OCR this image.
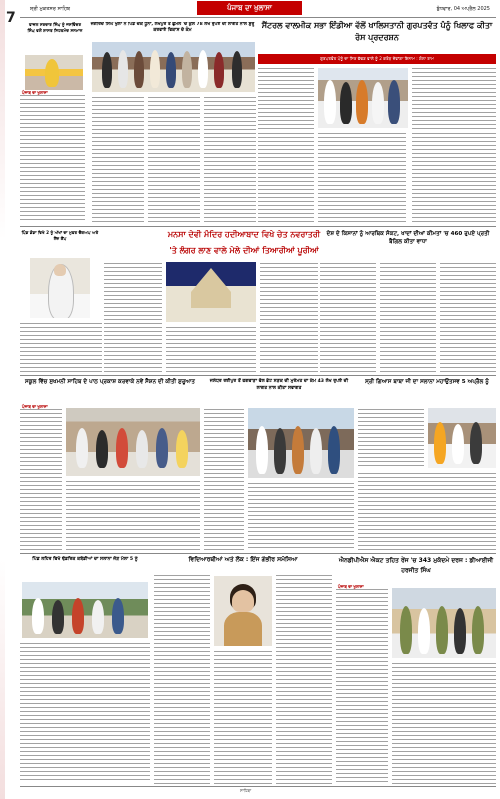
ਸ਼੍ਰੀ ਮੁਕਤਸਰ ਸਾਹਿਬ	ਪੰਜਾਬ ਦਾ ਖੁਲਾਸਾ	ਬੁੱਧਵਾਰ, 04 ਅਪ੍ਰੈਲ 2025
7	ਫਾਜ਼ਲ ਸਰਦਾਰ ਸਿੰਘ ਨੂੰ ਜਸਵਿੰਦਰ ਸਿੰਘ ਵਲੋਂ ਸ਼ਾਸਤ ਸਿਹਤਮੰਦ ਸਨਮਾਨ
ਜੰਗੀਰਦ ਸਿੰਘ ਖੁਲਾ ਨੇ ਪਿੰਡ ਚੱਕ ਧੂੰਨਾ, ਲੱਖਪੁਰ ਤੇ ਛੁੰਮੇਲੋਂ 'ਚ ਕੁੱਲ 78 ਲੱਖ ਰੁਪਏ ਦੀ ਲਾਗਤ ਨਾਲ ਸ਼ੁਰੂ ਕਰਵਾਏ ਵਿਕਾਸ ਦੇ ਕੰਮ
ਸੈਂਟਰਲ ਵਾਲਮੀਕ ਸਭਾ ਇੰਡੀਆ ਵੱਲੋਂ ਖਾਲਿਸਤਾਨੀ ਗੁਰਪਤਵੰਤ ਪੰਨੂੰ ਖਿਲਾਫ ਕੀਤਾ ਰੋਸ ਪ੍ਰਦਰਸ਼ਨ
ਗੁਰਪਤਵੰਤ ਪੰਨੂੰ ਦਾ ਸਿਰ ਵੱਢਣ ਵਾਲੇ ਨੂੰ 2 ਕਰੋੜ ਦੇਵਾਂਗਾ ਇਨਾਮ : ਗੋਲਾ ਰਾਮ
ਪਿੰਡ ਡੋਡਾ ਵਿਖੇ 2 ਨੂੰ ਅੱਖਾਂ ਦਾ ਮੁਫ਼ਤ ਚੈੱਕਅਪ ਅਤੇ ਲੈਂਜ਼ ਕੈਂਪ	ਮਨਸਾ ਦੇਵੀ ਮੰਦਿਰ ਹਦੀਆਬਾਦ ਵਿਖੇ ਚੇਤ ਨਵਰਾਤਰੀ
'ਤੇ ਲੰਗਰ ਲਾਣ ਵਾਲੇ ਮੇਲੇ ਦੀਆਂ ਤਿਆਰੀਆਂ ਪੂਰੀਆਂ
ਦੇਸ਼ ਦੇ ਕਿਸਾਨਾਂ ਨੂੰ ਆਰਥਿਕ ਸੰਕਟ, ਖਾਦਾਂ ਦੀਆਂ ਕੀਮਤਾਂ 'ਚ 460 ਰੁਪਏ ਪ੍ਰਤੀ ਬੈਗਿਲ ਕੀਤਾ ਵਾਧਾ
ਸਕੂਲ ਵਿੱਚ ਸੁਖਮਨੀ ਸਾਹਿਬ ਦੇ ਪਾਠ ਪ੍ਰਕਾਸ਼ ਕਰਵਾਕੇ ਨਵੇਂ ਸੈਸ਼ਨ ਦੀ ਕੀਤੀ ਸ਼ੁਰੂਆਤ	ਜਲੰਧਰ ਰਈਪੁਰ ਤੋਂ ਫਗਵਾੜਾ ਵੱਲ ਭੱਟ ਸੜਕ ਦੀ ਮੁਰੰਮਤ ਦਾ ਕੰਮ 43 ਲੱਖ ਰੁਪਏ ਦੀ ਲਾਗਤ ਨਾਲ ਕੀਤਾ ਸਵਾਗਤ
ਸ੍ਰੀ ਗਿਆਸ ਬਾਬਾ ਜੀ ਦਾ ਸਲਾਨਾ ਮਹਾਉਤਸਵ 5 ਅਪ੍ਰੈਲ ਨੂੰ
ਪਿੰਡ ਲਹਿਰ ਵਿਖੇ ਢੱਡਰਿਕ ਕਬੱਡੀਆਂ ਦਾ ਸਲਾਨਾ ਜੋੜ ਮੇਲਾ 5 ਨੂੰ	ਵਿਦਿਆਰਥੀਆਂ ਅਤੇ ਲੋਕ : ਇੰਜ ਗੰਭੀਰ ਸਮੱਸਿਆ	ਐਨਡੀਪੀਐਸ ਐਕਟ ਤਹਿਤ ਰੇਂਜ 'ਚ 343 ਮੁਕੱਦਮੇ ਦਰਜ : ਡੀਆਈਜੀ ਹਰਜੀਤ ਸਿੰਘ
ਪੰਜਾਬ ਦਾ ਖੁਲਾਸਾ
ਪੰਜਾਬ ਦਾ ਖੁਲਾਸਾ
ਪੰਜਾਬ ਦਾ ਖੁਲਾਸਾ
ਸਾਹਿਬਾ
